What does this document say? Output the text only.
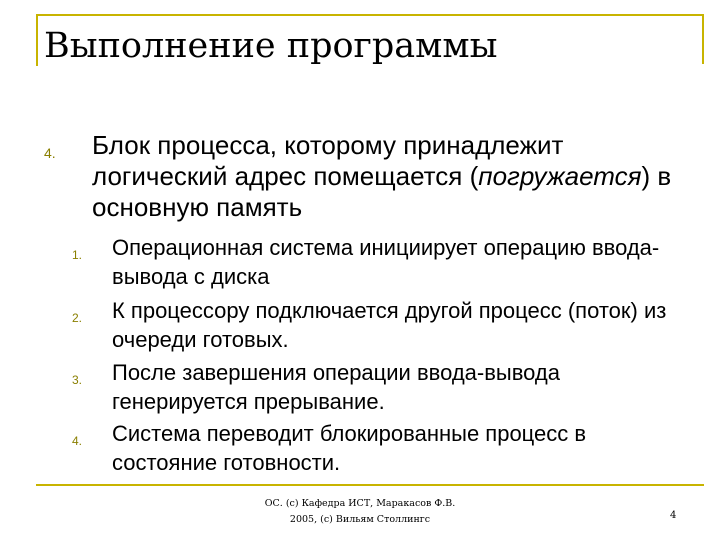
Выполнение программы
4. Блок процесса, которому принадлежит логический адрес помещается (погружается) в основную память
1. Операционная система инициирует операцию ввода-вывода с диска
2. К процессору подключается другой процесс (поток) из очереди готовых.
3. После завершения операции ввода-вывода генерируется прерывание.
4. Система переводит блокированные процесс в состояние готовности.
ОС. (с) Кафедра ИСТ, Маракасов Ф.В.
2005, (с) Вильям Столлингс	4
